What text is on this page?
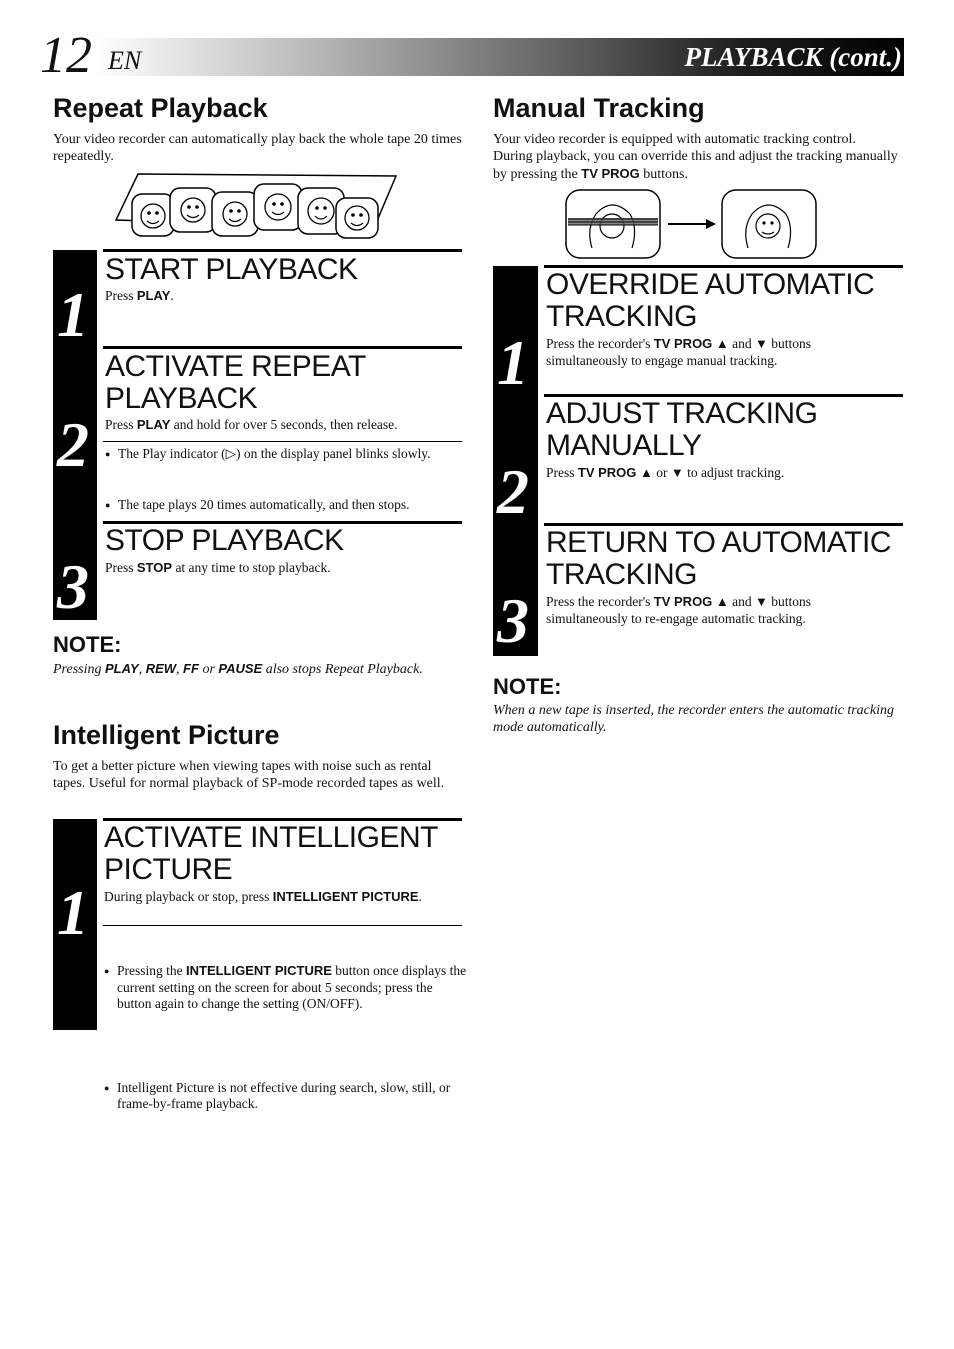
12 EN	PLAYBACK (cont.)
Repeat Playback
Your video recorder can automatically play back the whole tape 20 times repeatedly.
1
START PLAYBACK
Press PLAY.
2
ACTIVATE REPEAT
PLAYBACK
Press PLAY and hold for over 5 seconds, then release.
● The Play indicator (▷) on the display panel blinks slowly.
● The tape plays 20 times automatically, and then stops.
3
STOP PLAYBACK
Press STOP at any time to stop playback.
NOTE:
Pressing PLAY, REW, FF or PAUSE also stops Repeat Playback.
Intelligent Picture
To get a better picture when viewing tapes with noise such as rental tapes. Useful for normal playback of SP-mode recorded tapes as well.
1
ACTIVATE INTELLIGENT
PICTURE
During playback or stop, press INTELLIGENT PICTURE.
● Pressing the INTELLIGENT PICTURE button once displays the current setting on the screen for about 5 seconds; press the button again to change the setting (ON/OFF).
● Intelligent Picture is not effective during search, slow, still, or frame-by-frame playback.
Manual Tracking
Your video recorder is equipped with automatic tracking control. During playback, you can override this and adjust the tracking manually by pressing the TV PROG buttons.
1
OVERRIDE AUTOMATIC
TRACKING
Press the recorder's TV PROG ▲ and ▼ buttons simultaneously to engage manual tracking.
2
ADJUST TRACKING
MANUALLY
Press TV PROG ▲ or ▼ to adjust tracking.
3
RETURN TO AUTOMATIC
TRACKING
Press the recorder's TV PROG ▲ and ▼ buttons simultaneously to re-engage automatic tracking.
NOTE:
When a new tape is inserted, the recorder enters the automatic tracking mode automatically.
